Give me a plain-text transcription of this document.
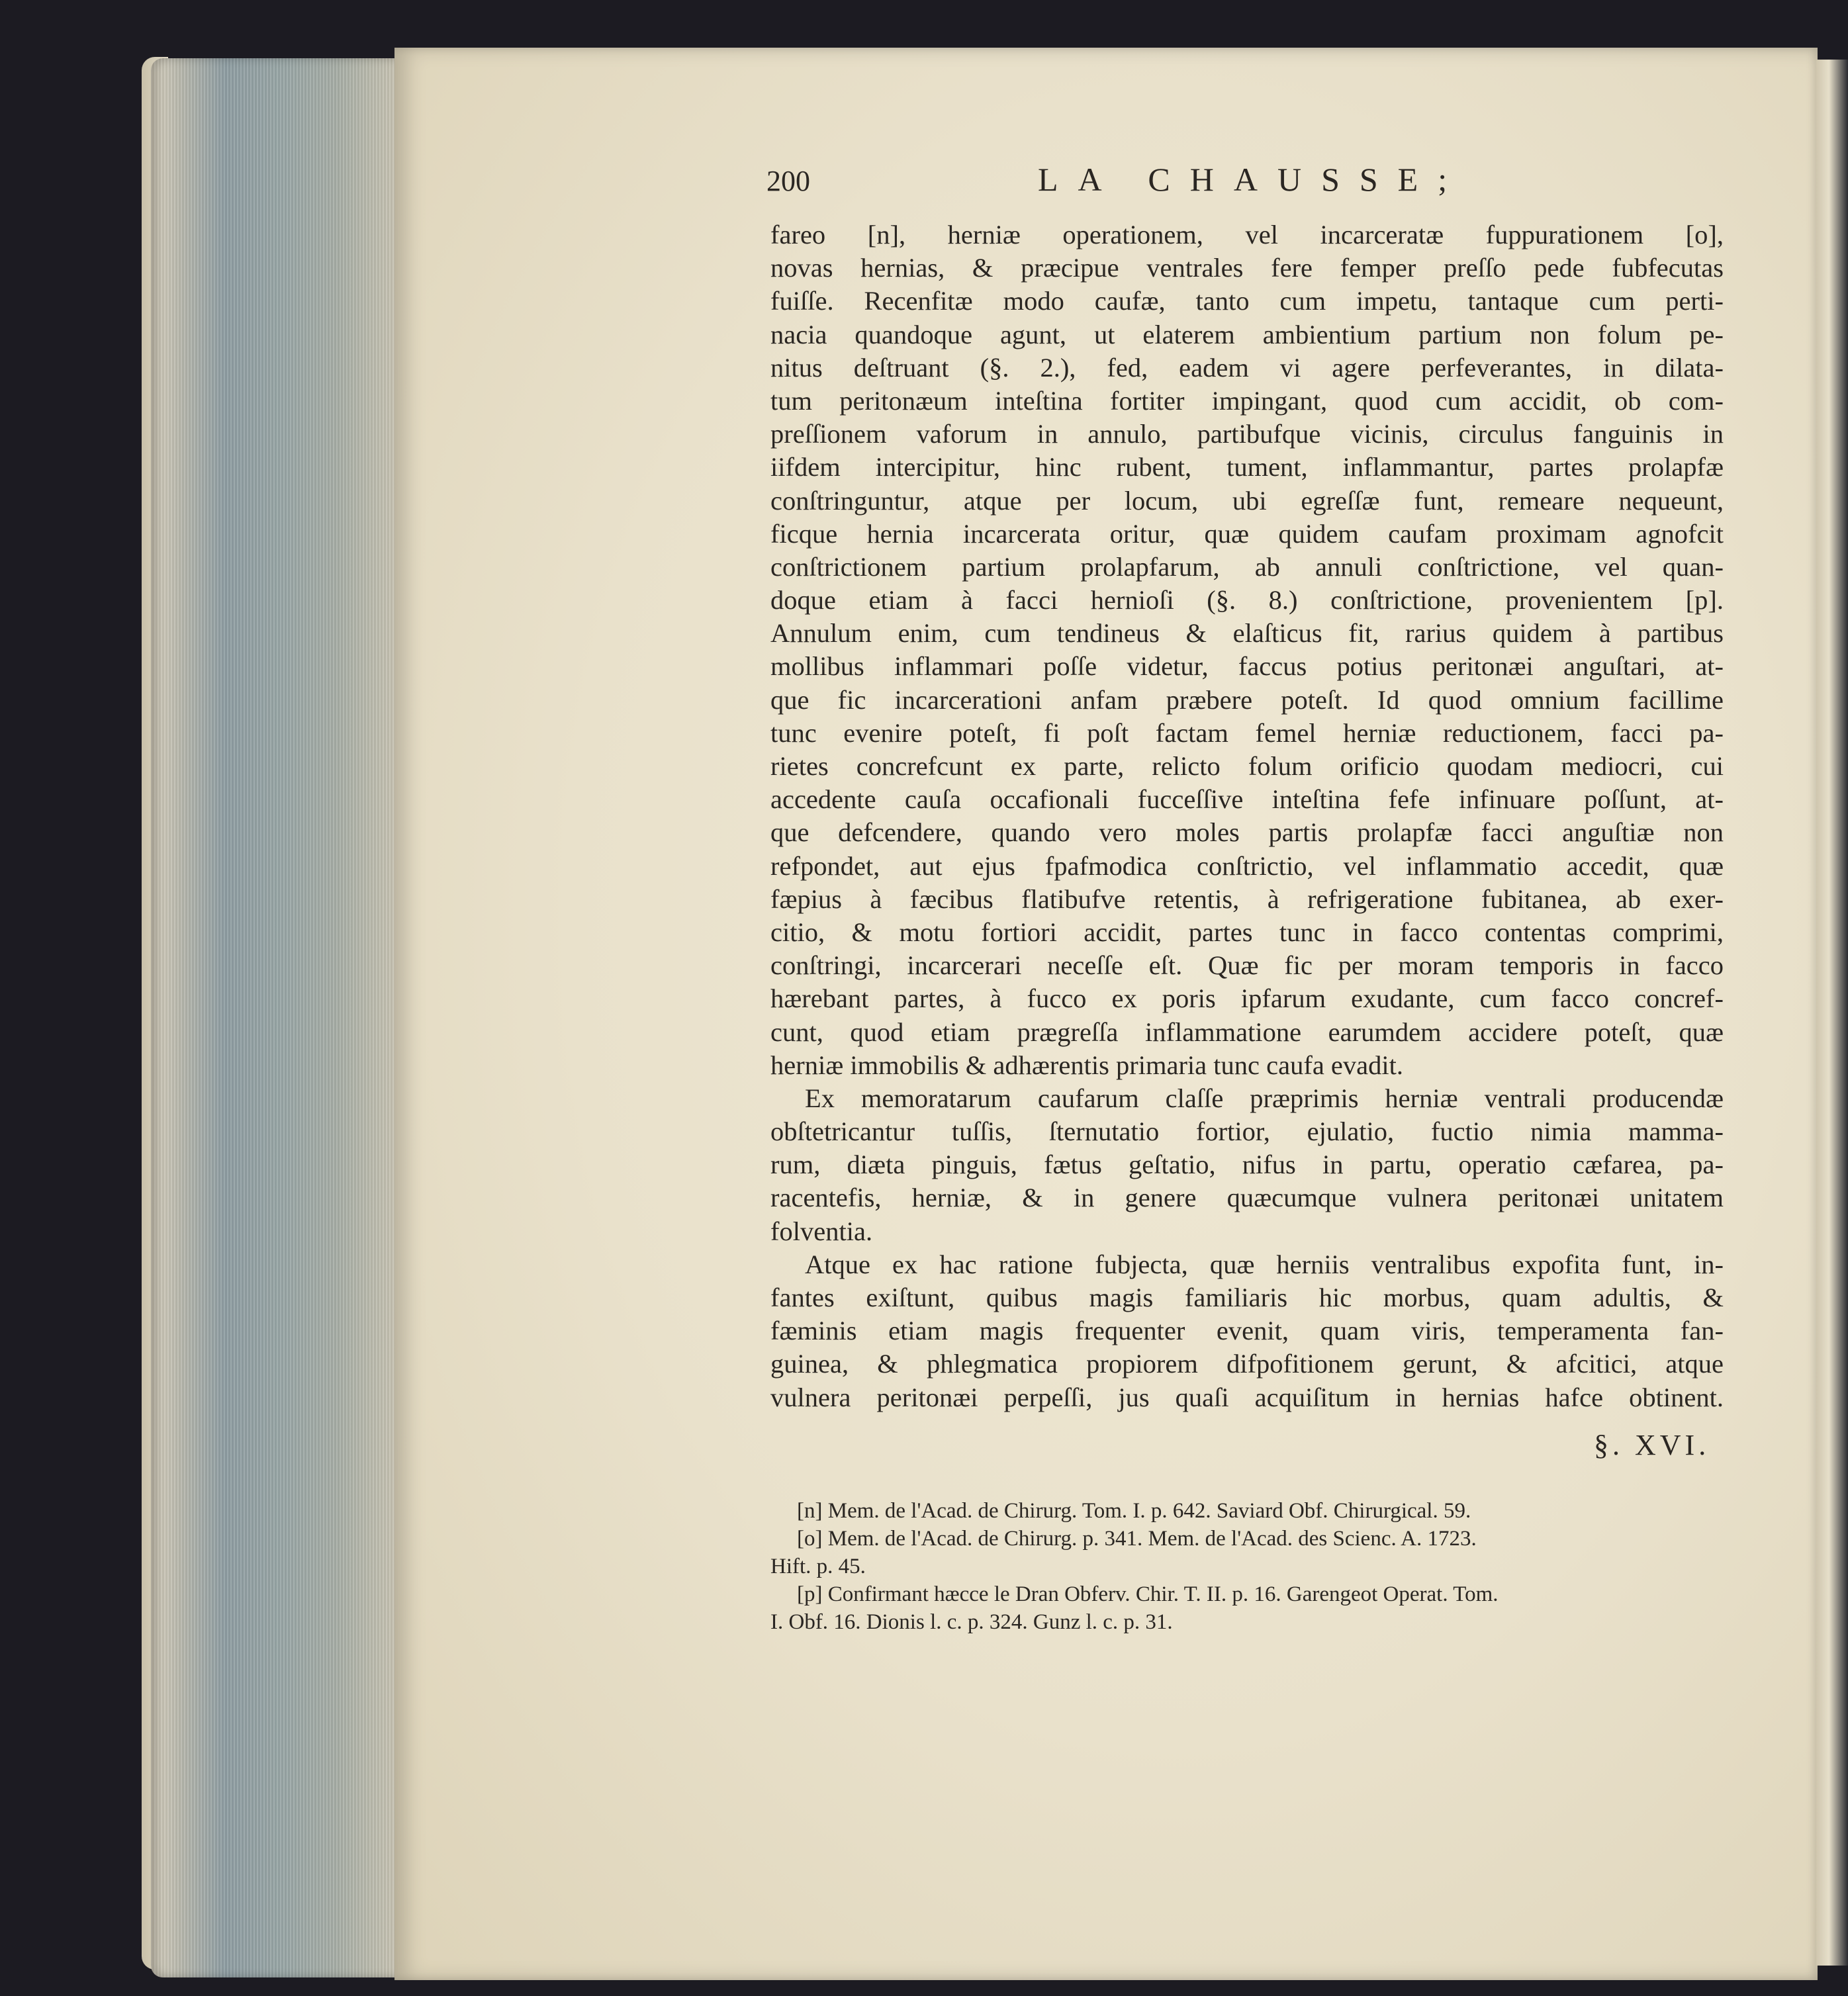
200	LA CHAUSSE;
fareo [n], herniæ operationem, vel incarceratæ fuppurationem [o],
novas hernias, & præcipue ventrales fere femper preſſo pede fubfecutas
fuiſſe. Recenfitæ modo caufæ, tanto cum impetu, tantaque cum perti-
nacia quandoque agunt, ut elaterem ambientium partium non folum pe-
nitus deſtruant (§. 2.), fed, eadem vi agere perfeverantes, in dilata-
tum peritonæum inteſtina fortiter impingant, quod cum accidit, ob com-
preſſionem vaforum in annulo, partibufque vicinis, circulus fanguinis in
iifdem intercipitur, hinc rubent, tument, inflammantur, partes prolapfæ
conſtringuntur, atque per locum, ubi egreſſæ funt, remeare nequeunt,
ficque hernia incarcerata oritur, quæ quidem caufam proximam agnofcit
conſtrictionem partium prolapfarum, ab annuli conſtrictione, vel quan-
doque etiam à facci hernioſi (§. 8.) conſtrictione, provenientem [p].
Annulum enim, cum tendineus & elaſticus fit, rarius quidem à partibus
mollibus inflammari poſſe videtur, faccus potius peritonæi anguſtari, at-
que fic incarcerationi anfam præbere poteſt. Id quod omnium facillime
tunc evenire poteſt, fi poſt factam femel herniæ reductionem, facci pa-
rietes concrefcunt ex parte, relicto folum orificio quodam mediocri, cui
accedente cauſa occafionali fucceſſive inteſtina fefe infinuare poſſunt, at-
que defcendere, quando vero moles partis prolapfæ facci anguſtiæ non
refpondet, aut ejus fpafmodica conſtrictio, vel inflammatio accedit, quæ
fæpius à fæcibus flatibufve retentis, à refrigeratione fubitanea, ab exer-
citio, & motu fortiori accidit, partes tunc in facco contentas comprimi,
conſtringi, incarcerari neceſſe eſt. Quæ fic per moram temporis in facco
hærebant partes, à fucco ex poris ipfarum exudante, cum facco concref-
cunt, quod etiam prægreſſa inflammatione earumdem accidere poteſt, quæ
herniæ immobilis & adhærentis primaria tunc caufa evadit.
Ex memoratarum caufarum claſſe præprimis herniæ ventrali producendæ
obſtetricantur tuſſis, ſternutatio fortior, ejulatio, fuctio nimia mamma-
rum, diæta pinguis, fætus geſtatio, nifus in partu, operatio cæfarea, pa-
racentefis, herniæ, & in genere quæcumque vulnera peritonæi unitatem
folventia.
Atque ex hac ratione fubjecta, quæ herniis ventralibus expofita funt, in-
fantes exiſtunt, quibus magis familiaris hic morbus, quam adultis, &
fæminis etiam magis frequenter evenit, quam viris, temperamenta fan-
guinea, & phlegmatica propiorem difpofitionem gerunt, & afcitici, atque
vulnera peritonæi perpeſſi, jus quaſi acquiſitum in hernias hafce obtinent.
§. XVI.
[n] Mem. de l'Acad. de Chirurg. Tom. I. p. 642. Saviard Obf. Chirurgical. 59.
[o] Mem. de l'Acad. de Chirurg. p. 341. Mem. de l'Acad. des Scienc. A. 1723.
Hift. p. 45.
[p] Confirmant hæcce le Dran Obferv. Chir. T. II. p. 16. Garengeot Operat. Tom.
I. Obf. 16. Dionis l. c. p. 324. Gunz l. c. p. 31.
